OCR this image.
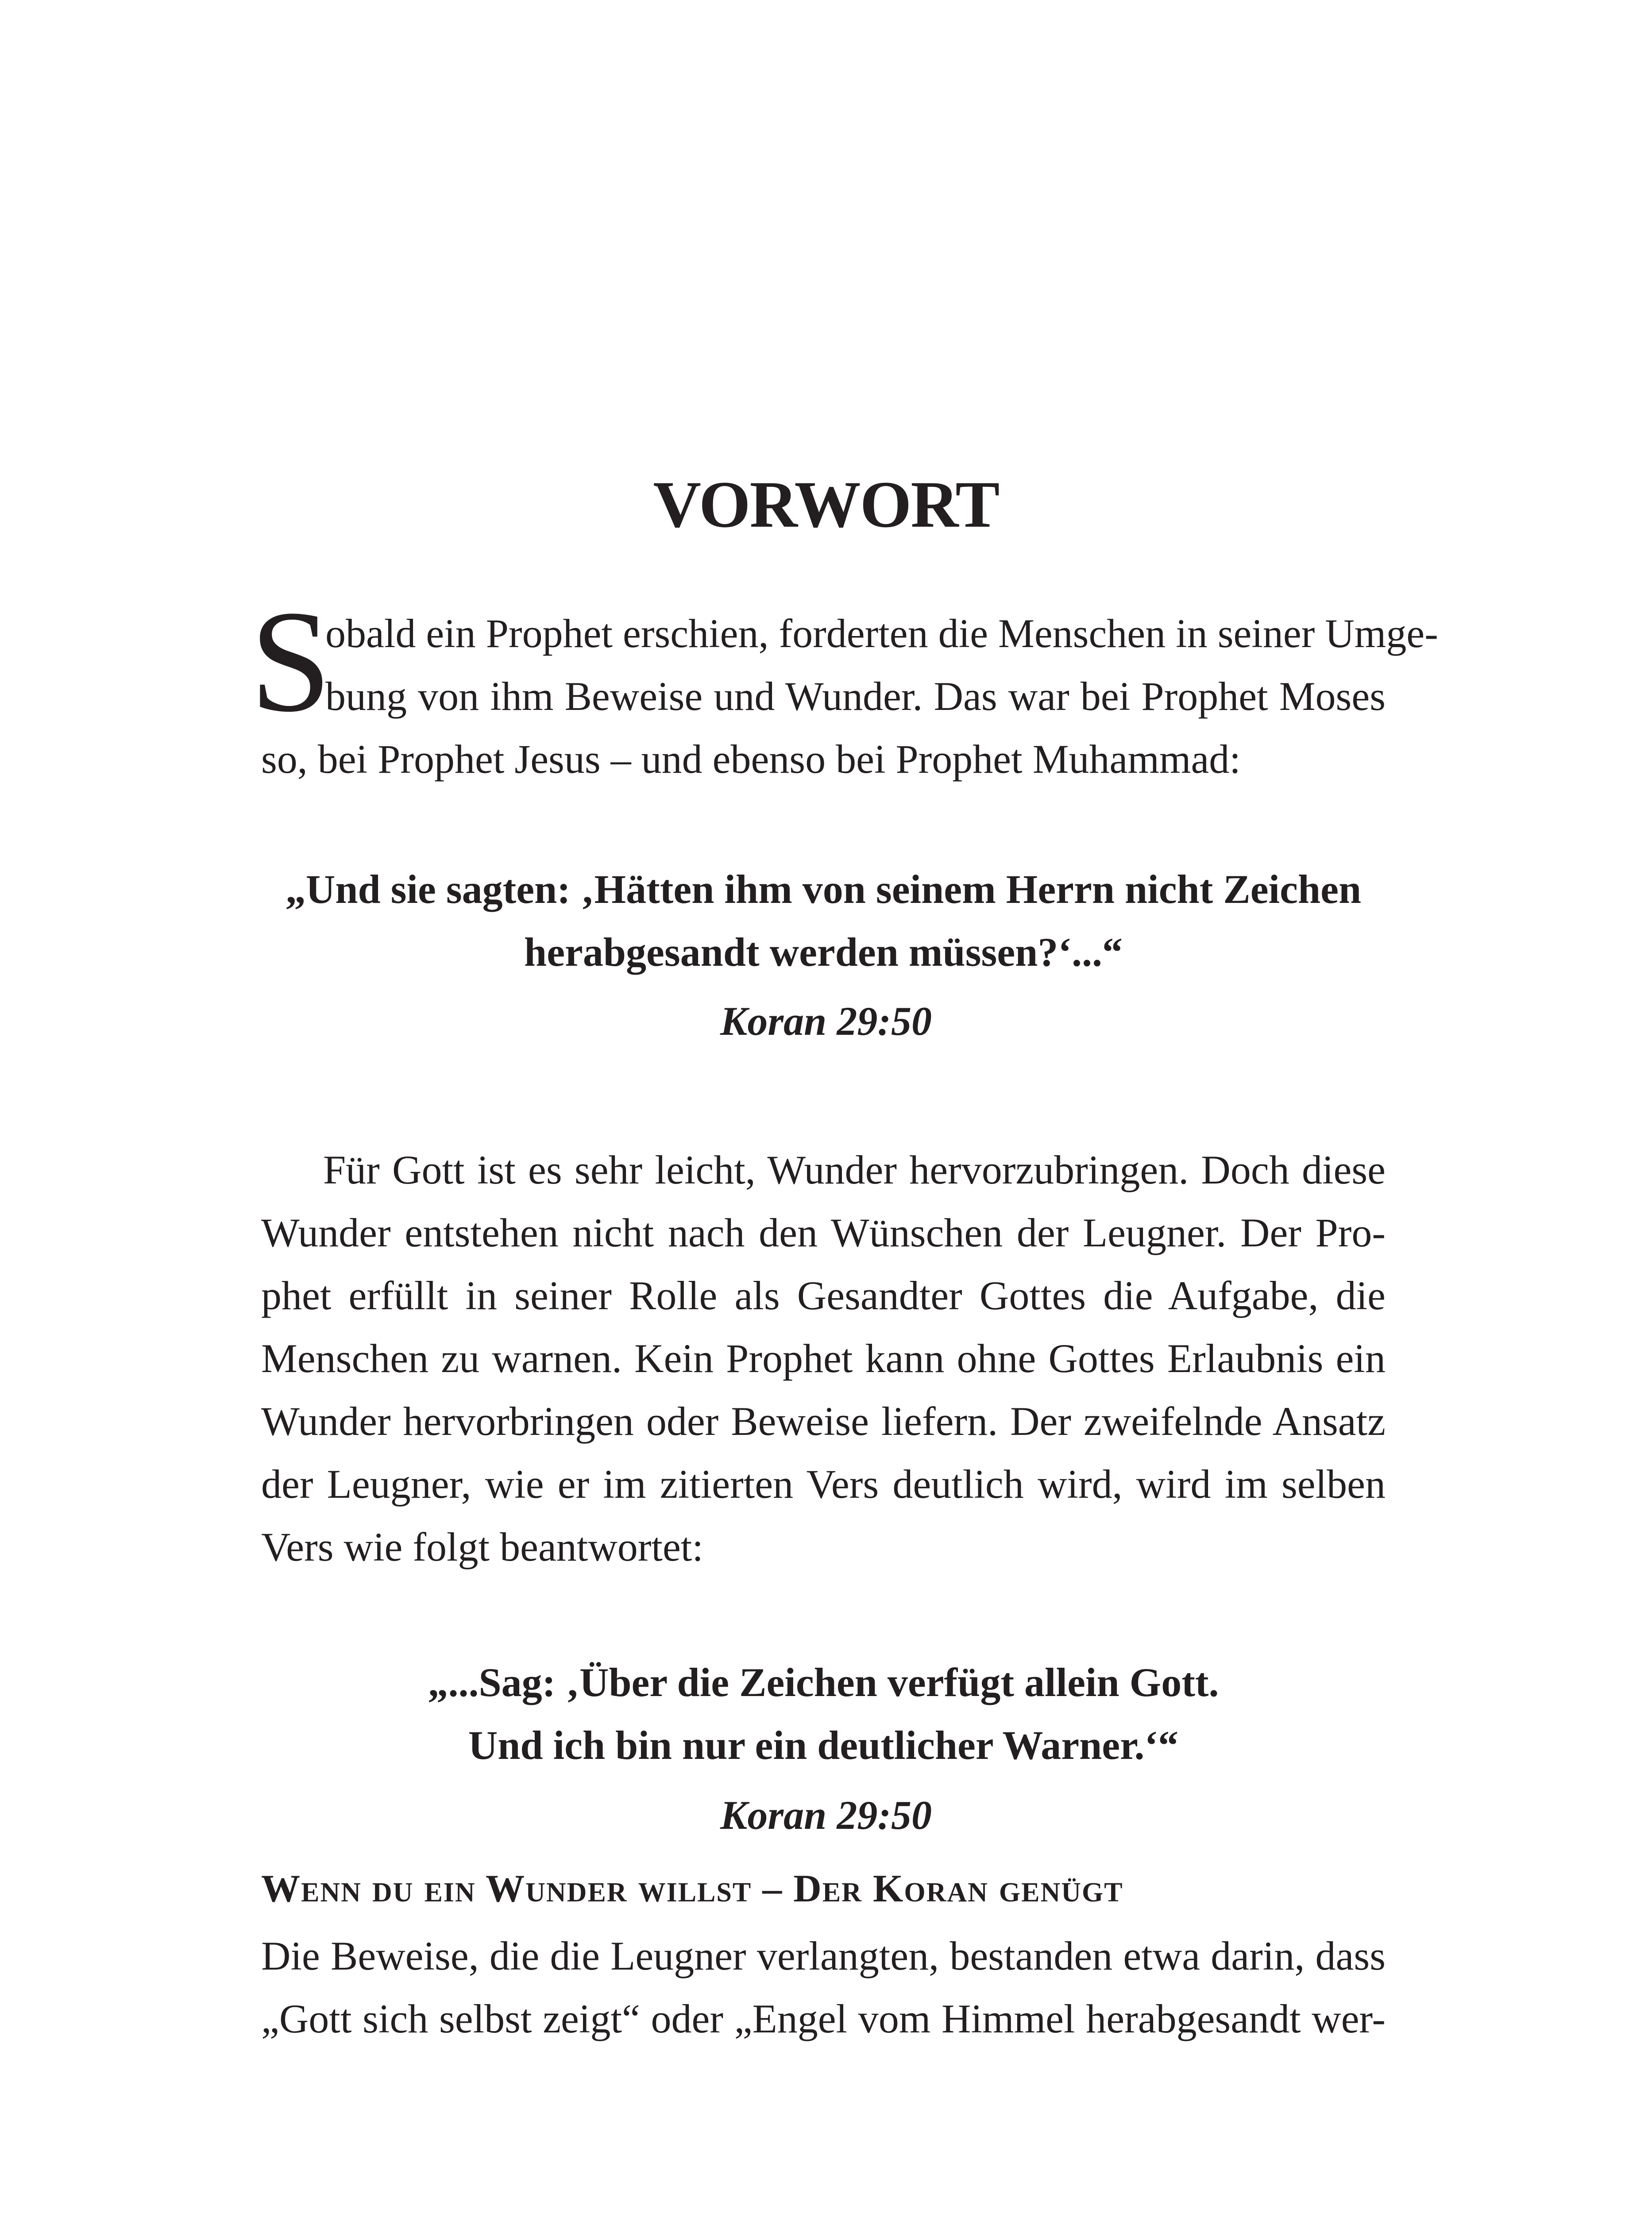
VORWORT
S
obald ein Prophet erschien, forderten die Menschen in seiner Umge-
bung von ihm Beweise und Wunder. Das war bei Prophet Moses
so, bei Prophet Jesus – und ebenso bei Prophet Muhammad:
„Und sie sagten: ‚Hätten ihm von seinem Herrn nicht Zeichen
herabgesandt werden müssen?‘...“
Koran 29:50
Für Gott ist es sehr leicht, Wunder hervorzubringen. Doch diese
Wunder entstehen nicht nach den Wünschen der Leugner. Der Pro-
phet erfüllt in seiner Rolle als Gesandter Gottes die Aufgabe, die
Menschen zu warnen. Kein Prophet kann ohne Gottes Erlaubnis ein
Wunder hervorbringen oder Beweise liefern. Der zweifelnde Ansatz
der Leugner, wie er im zitierten Vers deutlich wird, wird im selben
Vers wie folgt beantwortet:
„...Sag: ‚Über die Zeichen verfügt allein Gott.
Und ich bin nur ein deutlicher Warner.‘“
Koran 29:50
Wenn du ein Wunder willst – Der Koran genügt
Die Beweise, die die Leugner verlangten, bestanden etwa darin, dass
„Gott sich selbst zeigt“ oder „Engel vom Himmel herabgesandt wer-
